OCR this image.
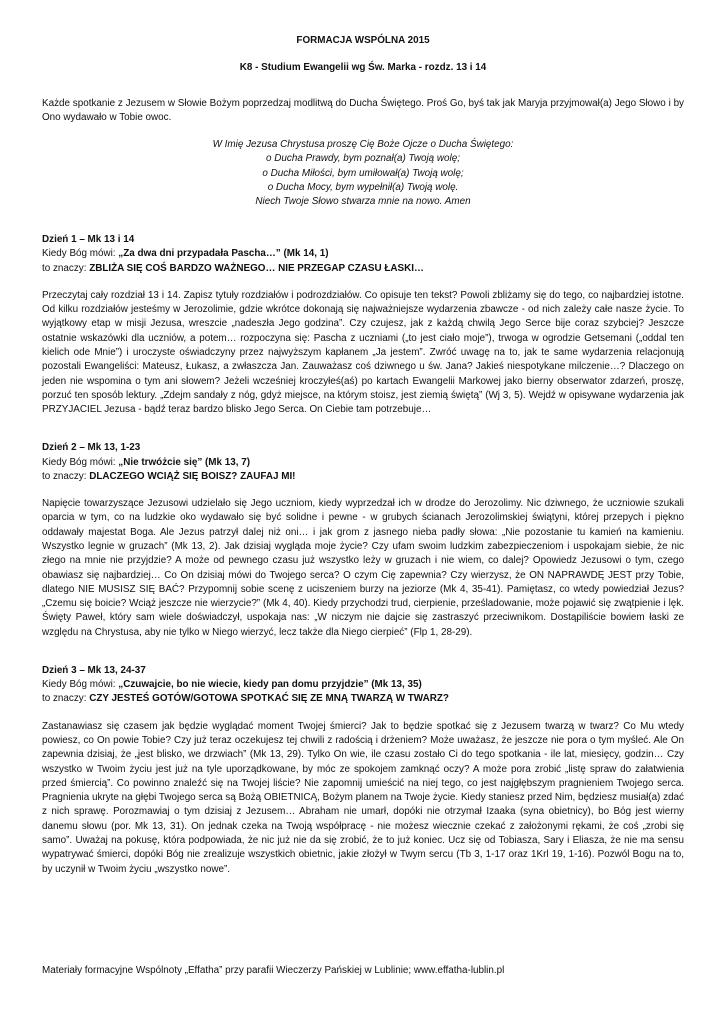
FORMACJA WSPÓLNA 2015
K8 - Studium Ewangelii wg Św. Marka - rozdz. 13 i 14

Każde spotkanie z Jezusem w Słowie Bożym poprzedzaj modlitwą do Ducha Świętego. Proś Go, byś tak jak Maryja przyjmował(a) Jego Słowo i by Ono wydawało w Tobie owoc.

W Imię Jezusa Chrystusa proszę Cię Boże Ojcze o Ducha Świętego:
o Ducha Prawdy, bym poznał(a) Twoją wolę;
o Ducha Miłości, bym umiłował(a) Twoją wolę;
o Ducha Mocy, bym wypełnił(a) Twoją wolę.
Niech Twoje Słowo stwarza mnie na nowo. Amen
Dzień 1 – Mk 13 i 14
Kiedy Bóg mówi: „Za dwa dni przypadała Pascha…” (Mk 14, 1)
to znaczy: ZBLIŻA SIĘ COŚ BARDZO WAŻNEGO… NIE PRZEGAP CZASU ŁASKI…

Przeczytaj cały rozdział 13 i 14. Zapisz tytuły rozdziałów i podrozdziałów. Co opisuje ten tekst? Powoli zbliżamy się do tego, co najbardziej istotne. Od kilku rozdziałów jesteśmy w Jerozolimie, gdzie wkrótce dokonają się najważniejsze wydarzenia zbawcze - od nich zależy całe nasze życie. To wyjątkowy etap w misji Jezusa, wreszcie „nadeszła Jego godzina”. Czy czujesz, jak z każdą chwilą Jego Serce bije coraz szybciej? Jeszcze ostatnie wskazówki dla uczniów, a potem… rozpoczyna się: Pascha z uczniami („to jest ciało moje”), trwoga w ogrodzie Getsemani („oddal ten kielich ode Mnie”) i uroczyste oświadczyny przez najwyższym kapłanem „Ja jestem”. Zwróć uwagę na to, jak te same wydarzenia relacjonują pozostali Ewangeliści: Mateusz, Łukasz, a zwłaszcza Jan. Zauważasz coś dziwnego u św. Jana? Jakieś niespotykane milczenie…? Dlaczego on jeden nie wspomina o tym ani słowem? Jeżeli wcześniej kroczyłeś(aś) po kartach Ewangelii Markowej jako bierny obserwator zdarzeń, proszę, porzuć ten sposób lektury. „Zdejm sandały z nóg, gdyż miejsce, na którym stoisz, jest ziemią świętą” (Wj 3, 5). Wejdź w opisywane wydarzenia jak PRZYJACIEL Jezusa - bądź teraz bardzo blisko Jego Serca. On Ciebie tam potrzebuje…

Dzień 2 – Mk 13, 1-23
Kiedy Bóg mówi: „Nie trwóżcie się” (Mk 13, 7)
to znaczy: DLACZEGO WCIĄŻ SIĘ BOISZ? ZAUFAJ MI!

Napięcie towarzyszące Jezusowi udzielało się Jego uczniom, kiedy wyprzedzał ich w drodze do Jerozolimy. Nic dziwnego, że uczniowie szukali oparcia w tym, co na ludzkie oko wydawało się być solidne i pewne - w grubych ścianach Jerozolimskiej świątyni, której przepych i piękno oddawały majestat Boga. Ale Jezus patrzył dalej niż oni… i jak grom z jasnego nieba padły słowa: „Nie pozostanie tu kamień na kamieniu. Wszystko legnie w gruzach” (Mk 13, 2). Jak dzisiaj wygląda moje życie? Czy ufam swoim ludzkim zabezpieczeniom i uspokajam siebie, że nic złego na mnie nie przyjdzie? A może od pewnego czasu już wszystko leży w gruzach i nie wiem, co dalej? Opowiedz Jezusowi o tym, czego obawiasz się najbardziej… Co On dzisiaj mówi do Twojego serca? O czym Cię zapewnia? Czy wierzysz, że ON NAPRAWDĘ JEST przy Tobie, dlatego NIE MUSISZ SIĘ BAĆ? Przypomnij sobie scenę z uciszeniem burzy na jeziorze (Mk 4, 35-41). Pamiętasz, co wtedy powiedział Jezus? „Czemu się boicie? Wciąż jeszcze nie wierzycie?” (Mk 4, 40). Kiedy przychodzi trud, cierpienie, prześladowanie, może pojawić się zwątpienie i lęk. Święty Paweł, który sam wiele doświadczył, uspokaja nas: „W niczym nie dajcie się zastraszyć przeciwnikom. Dostąpiliście bowiem łaski ze względu na Chrystusa, aby nie tylko w Niego wierzyć, lecz także dla Niego cierpieć” (Flp 1, 28-29).

Dzień 3 – Mk 13, 24-37
Kiedy Bóg mówi: „Czuwajcie, bo nie wiecie, kiedy pan domu przyjdzie” (Mk 13, 35)
to znaczy: CZY JESTEŚ GOTÓW/GOTOWA SPOTKAĆ SIĘ ZE MNĄ TWARZĄ W TWARZ?

Zastanawiasz się czasem jak będzie wyglądać moment Twojej śmierci? Jak to będzie spotkać się z Jezusem twarzą w twarz? Co Mu wtedy powiesz, co On powie Tobie? Czy już teraz oczekujesz tej chwili z radością i drżeniem? Może uważasz, że jeszcze nie pora o tym myśleć. Ale On zapewnia dzisiaj, że „jest blisko, we drzwiach” (Mk 13, 29). Tylko On wie, ile czasu zostało Ci do tego spotkania - ile lat, miesięcy, godzin… Czy wszystko w Twoim życiu jest już na tyle uporządkowane, by móc ze spokojem zamknąć oczy? A może pora zrobić „listę spraw do załatwienia przed śmiercią”. Co powinno znaleźć się na Twojej liście? Nie zapomnij umieścić na niej tego, co jest najgłębszym pragnieniem Twojego serca. Pragnienia ukryte na głębi Twojego serca są Bożą OBIETNICĄ, Bożym planem na Twoje życie. Kiedy staniesz przed Nim, będziesz musiał(a) zdać z nich sprawę. Porozmawiaj o tym dzisiaj z Jezusem… Abraham nie umarł, dopóki nie otrzymał Izaaka (syna obietnicy), bo Bóg jest wierny danemu słowu (por. Mk 13, 31). On jednak czeka na Twoją współpracę - nie możesz wiecznie czekać z założonymi rękami, że coś „zrobi się samo”. Uważaj na pokusę, która podpowiada, że nic już nie da się zrobić, że to już koniec. Ucz się od Tobiasza, Sary i Eliasza, że nie ma sensu wypatrywać śmierci, dopóki Bóg nie zrealizuje wszystkich obietnic, jakie złożył w Twym sercu (Tb 3, 1-17 oraz 1Krl 19, 1-16). Pozwól Bogu na to, by uczynił w Twoim życiu „wszystko nowe”.

Materiały formacyjne Wspólnoty „Effatha” przy parafii Wieczerzy Pańskiej w Lublinie; www.effatha-lublin.pl
